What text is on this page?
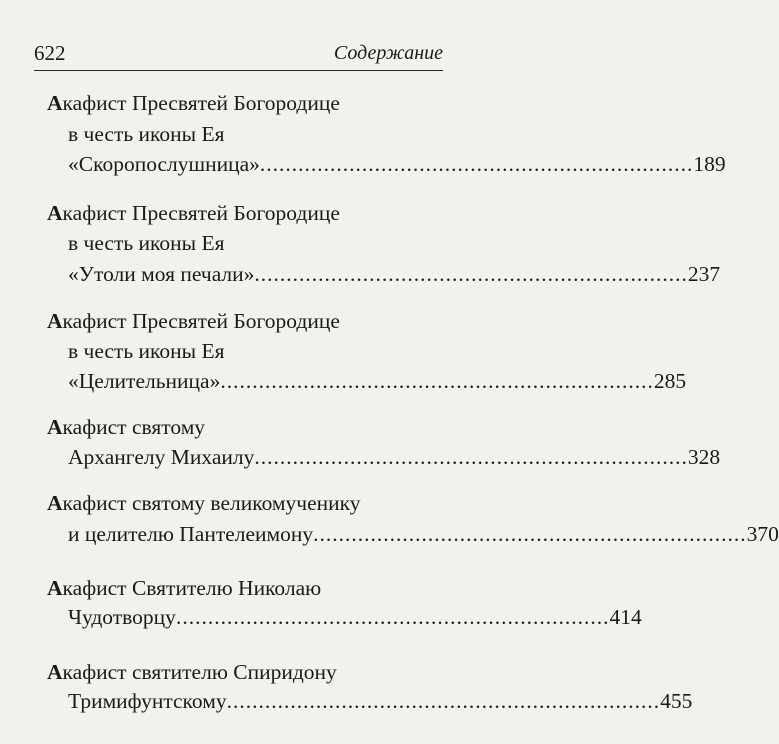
622	Содержание
Акафист Пресвятей Богородице
в честь иконы Ея
«Скоропослушница» .................................................................... 189
Акафист Пресвятей Богородице
в честь иконы Ея
«Утоли моя печали» .................................................................... 237
Акафист Пресвятей Богородице
в честь иконы Ея
«Целительница» .................................................................... 285
Акафист святому
Архангелу Михаилу .................................................................... 328
Акафист святому великомученику
и целителю Пантелеимону .................................................................... 370
Акафист Святителю Николаю
Чудотворцу .................................................................... 414
Акафист святителю Спиридону
Тримифунтскому .................................................................... 455
